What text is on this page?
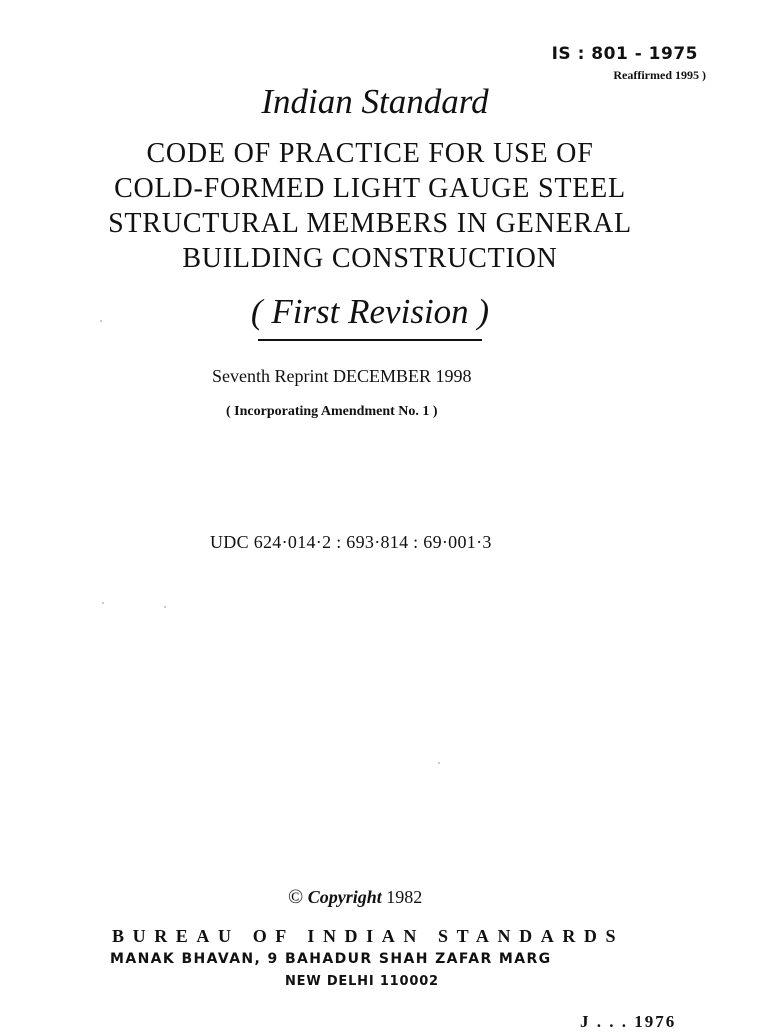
IS : 801 - 1975
Reaffirmed 1995 )
Indian Standard
CODE OF PRACTICE FOR USE OF
COLD-FORMED LIGHT GAUGE STEEL
STRUCTURAL MEMBERS IN GENERAL
BUILDING CONSTRUCTION
( First Revision )
Seventh Reprint DECEMBER 1998
( Incorporating Amendment No. 1 )
UDC 624·014·2 : 693·814 : 69·001·3
© Copyright 1982
BUREAU OF INDIAN STANDARDS
MANAK BHAVAN, 9 BAHADUR SHAH ZAFAR MARG
NEW DELHI 110002
J . . . 1976
